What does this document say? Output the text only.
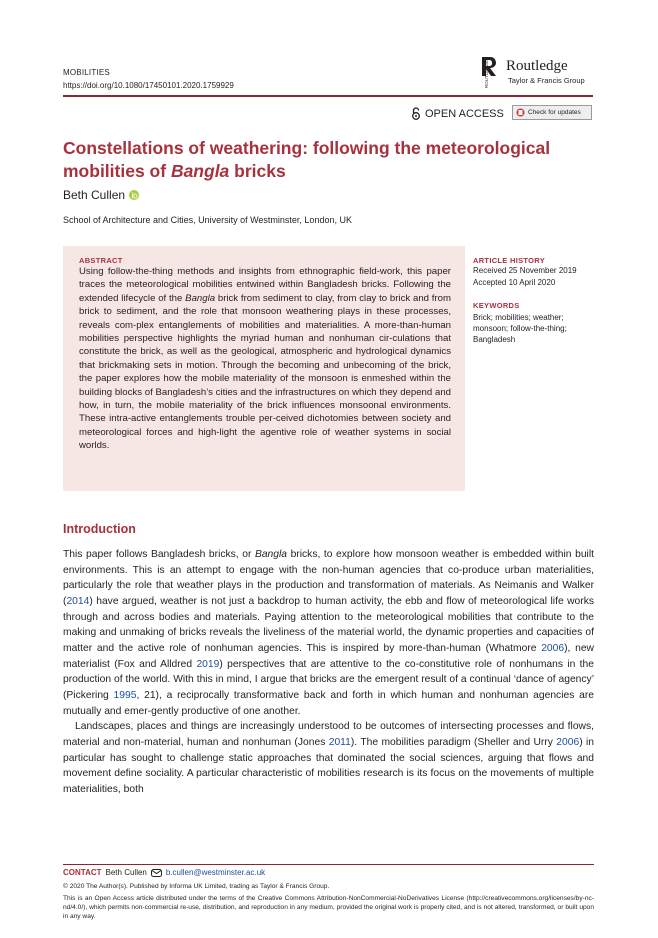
MOBILITIES
https://doi.org/10.1080/17450101.2020.1759929
Routledge
Taylor & Francis Group
OPEN ACCESS	Check for updates
Constellations of weathering: following the meteorological mobilities of Bangla bricks
Beth Cullen
School of Architecture and Cities, University of Westminster, London, UK
ABSTRACT
Using follow-the-thing methods and insights from ethnographic field-work, this paper traces the meteorological mobilities entwined within Bangladesh bricks. Following the extended lifecycle of the Bangla brick from sediment to clay, from clay to brick and from brick to sediment, and the role that monsoon weathering plays in these processes, reveals com-plex entanglements of mobilities and materialities. A more-than-human mobilities perspective highlights the myriad human and nonhuman cir-culations that constitute the brick, as well as the geological, atmospheric and hydrological dynamics that brickmaking sets in motion. Through the becoming and unbecoming of the brick, the paper explores how the mobile materiality of the monsoon is enmeshed within the building blocks of Bangladesh’s cities and the infrastructures on which they depend and how, in turn, the mobile materiality of the brick influences monsoonal environments. These intra-active entanglements trouble per-ceived dichotomies between society and meteorological forces and high-light the agentive role of weather systems in social worlds.
ARTICLE HISTORY
Received 25 November 2019
Accepted 10 April 2020
KEYWORDS
Brick; mobilities; weather; monsoon; follow-the-thing; Bangladesh
Introduction

This paper follows Bangladesh bricks, or Bangla bricks, to explore how monsoon weather is embedded within built environments. This is an attempt to engage with the non-human agencies that co-produce urban materialities, particularly the role that weather plays in the production and transformation of materials. As Neimanis and Walker (2014) have argued, weather is not just a backdrop to human activity, the ebb and flow of meteorological life works through and across bodies and materials. Paying attention to the meteorological mobilities that contribute to the making and unmaking of bricks reveals the liveliness of the material world, the dynamic properties and capacities of matter and the active role of nonhuman agencies. This is inspired by more-than-human (Whatmore 2006), new materialist (Fox and Alldred 2019) perspectives that are attentive to the co-constitutive role of nonhumans in the production of the world. With this in mind, I argue that bricks are the emergent result of a continual ‘dance of agency’ (Pickering 1995, 21), a reciprocally transformative back and forth in which human and nonhuman agencies are mutually and emer-gently productive of one another.

Landscapes, places and things are increasingly understood to be outcomes of intersecting processes and flows, material and non-material, human and nonhuman (Jones 2011). The mobilities paradigm (Sheller and Urry 2006) in particular has sought to challenge static approaches that dominated the social sciences, arguing that flows and movement define sociality. A particular characteristic of mobilities research is its focus on the movements of multiple materialities, both

CONTACT Beth Cullen b.cullen@westminster.ac.uk
© 2020 The Author(s). Published by Informa UK Limited, trading as Taylor & Francis Group.
This is an Open Access article distributed under the terms of the Creative Commons Attribution-NonCommercial-NoDerivatives License (http://creativecommons.org/licenses/by-nc-nd/4.0/), which permits non-commercial re-use, distribution, and reproduction in any medium, provided the original work is properly cited, and is not altered, transformed, or built upon in any way.
ROUTLEDGE
